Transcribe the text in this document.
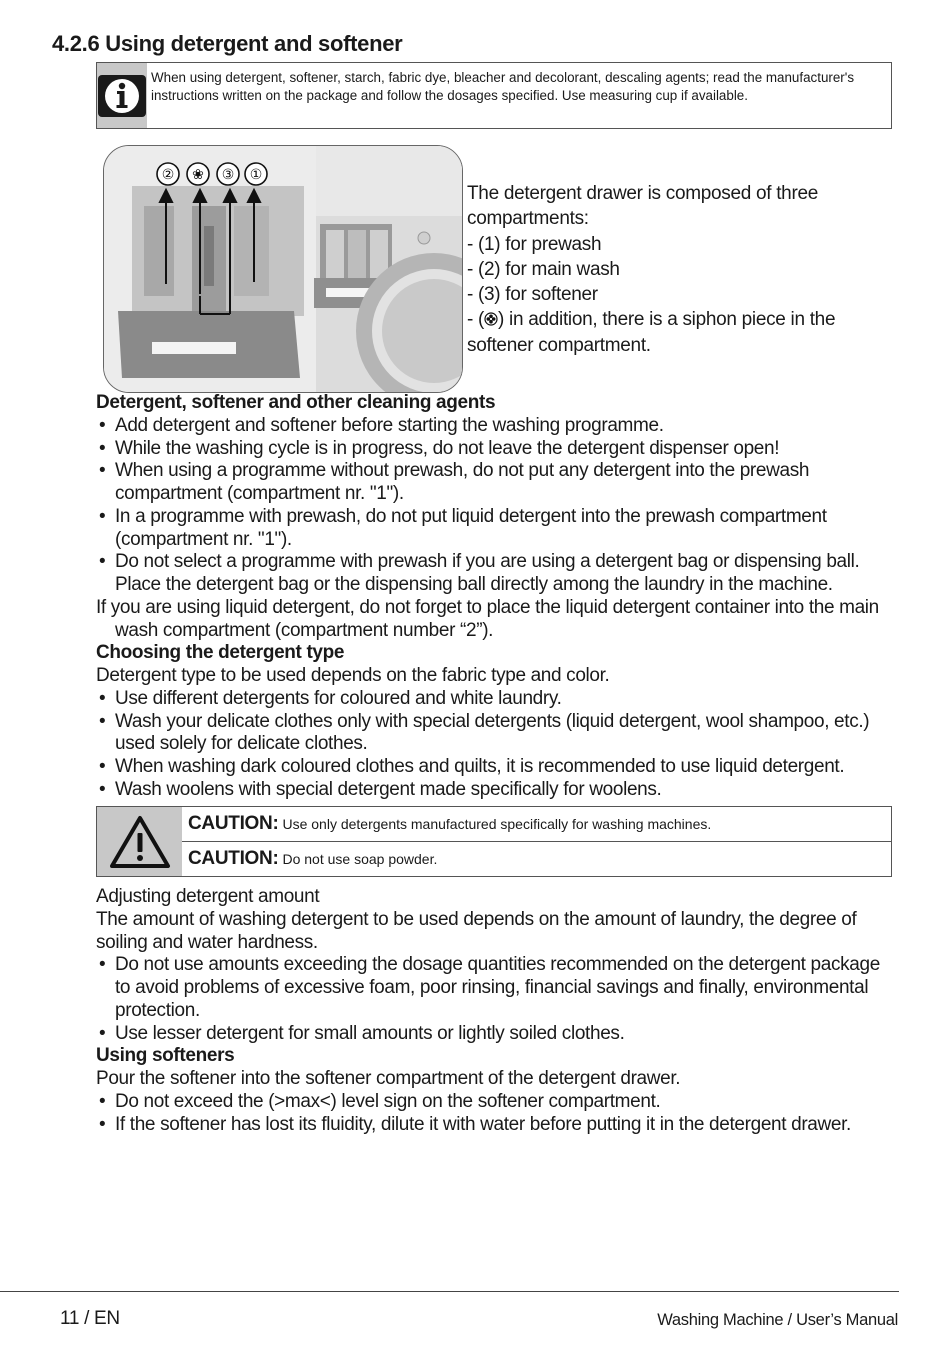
4.2.6 Using detergent and softener
When using detergent, softener, starch, fabric dye, bleacher and decolorant, descaling agents; read the manufacturer's instructions written on the package and follow the dosages specified. Use measuring cup if available.
② ❀ ③ ①
The detergent drawer is composed of three compartments:
- (1) for prewash
- (2) for main wash
- (3) for softener
- ( ) in addition, there is a siphon piece in the softener compartment.
Detergent, softener and other cleaning agents
• Add detergent and softener before starting the washing programme.
• While the washing cycle is in progress, do not leave the detergent dispenser open!
• When using a programme without prewash, do not put any detergent into the prewash compartment (compartment nr. "1").
• In a programme with prewash, do not put liquid detergent into the prewash compartment (compartment nr. "1").
• Do not select a programme with prewash if you are using a detergent bag or dispensing ball. Place the detergent bag or the dispensing ball directly among the laundry in the machine.
If you are using liquid detergent, do not forget to place the liquid detergent container into the main wash compartment (compartment number “2”).
Choosing the detergent type
Detergent type to be used depends on the fabric type and color.
• Use different detergents for coloured and white laundry.
• Wash your delicate clothes only with special detergents (liquid detergent, wool shampoo, etc.) used solely for delicate clothes.
• When washing dark coloured clothes and quilts, it is recommended to use liquid detergent.
• Wash woolens with special detergent made specifically for woolens.
CAUTION: Use only detergents manufactured specifically for washing machines.
CAUTION: Do not use soap powder.
Adjusting detergent amount
The amount of washing detergent to be used depends on the amount of laundry, the degree of soiling and water hardness.
• Do not use amounts exceeding the dosage quantities recommended on the detergent package to avoid problems of excessive foam, poor rinsing, financial savings and finally, environmental protection.
• Use lesser detergent for small amounts or lightly soiled clothes.
Using softeners
Pour the softener into the softener compartment of the detergent drawer.
• Do not exceed the (>max<) level sign on the softener compartment.
• If the softener has lost its fluidity, dilute it with water before putting it in the detergent drawer.
11 / EN	Washing Machine / User’s Manual
